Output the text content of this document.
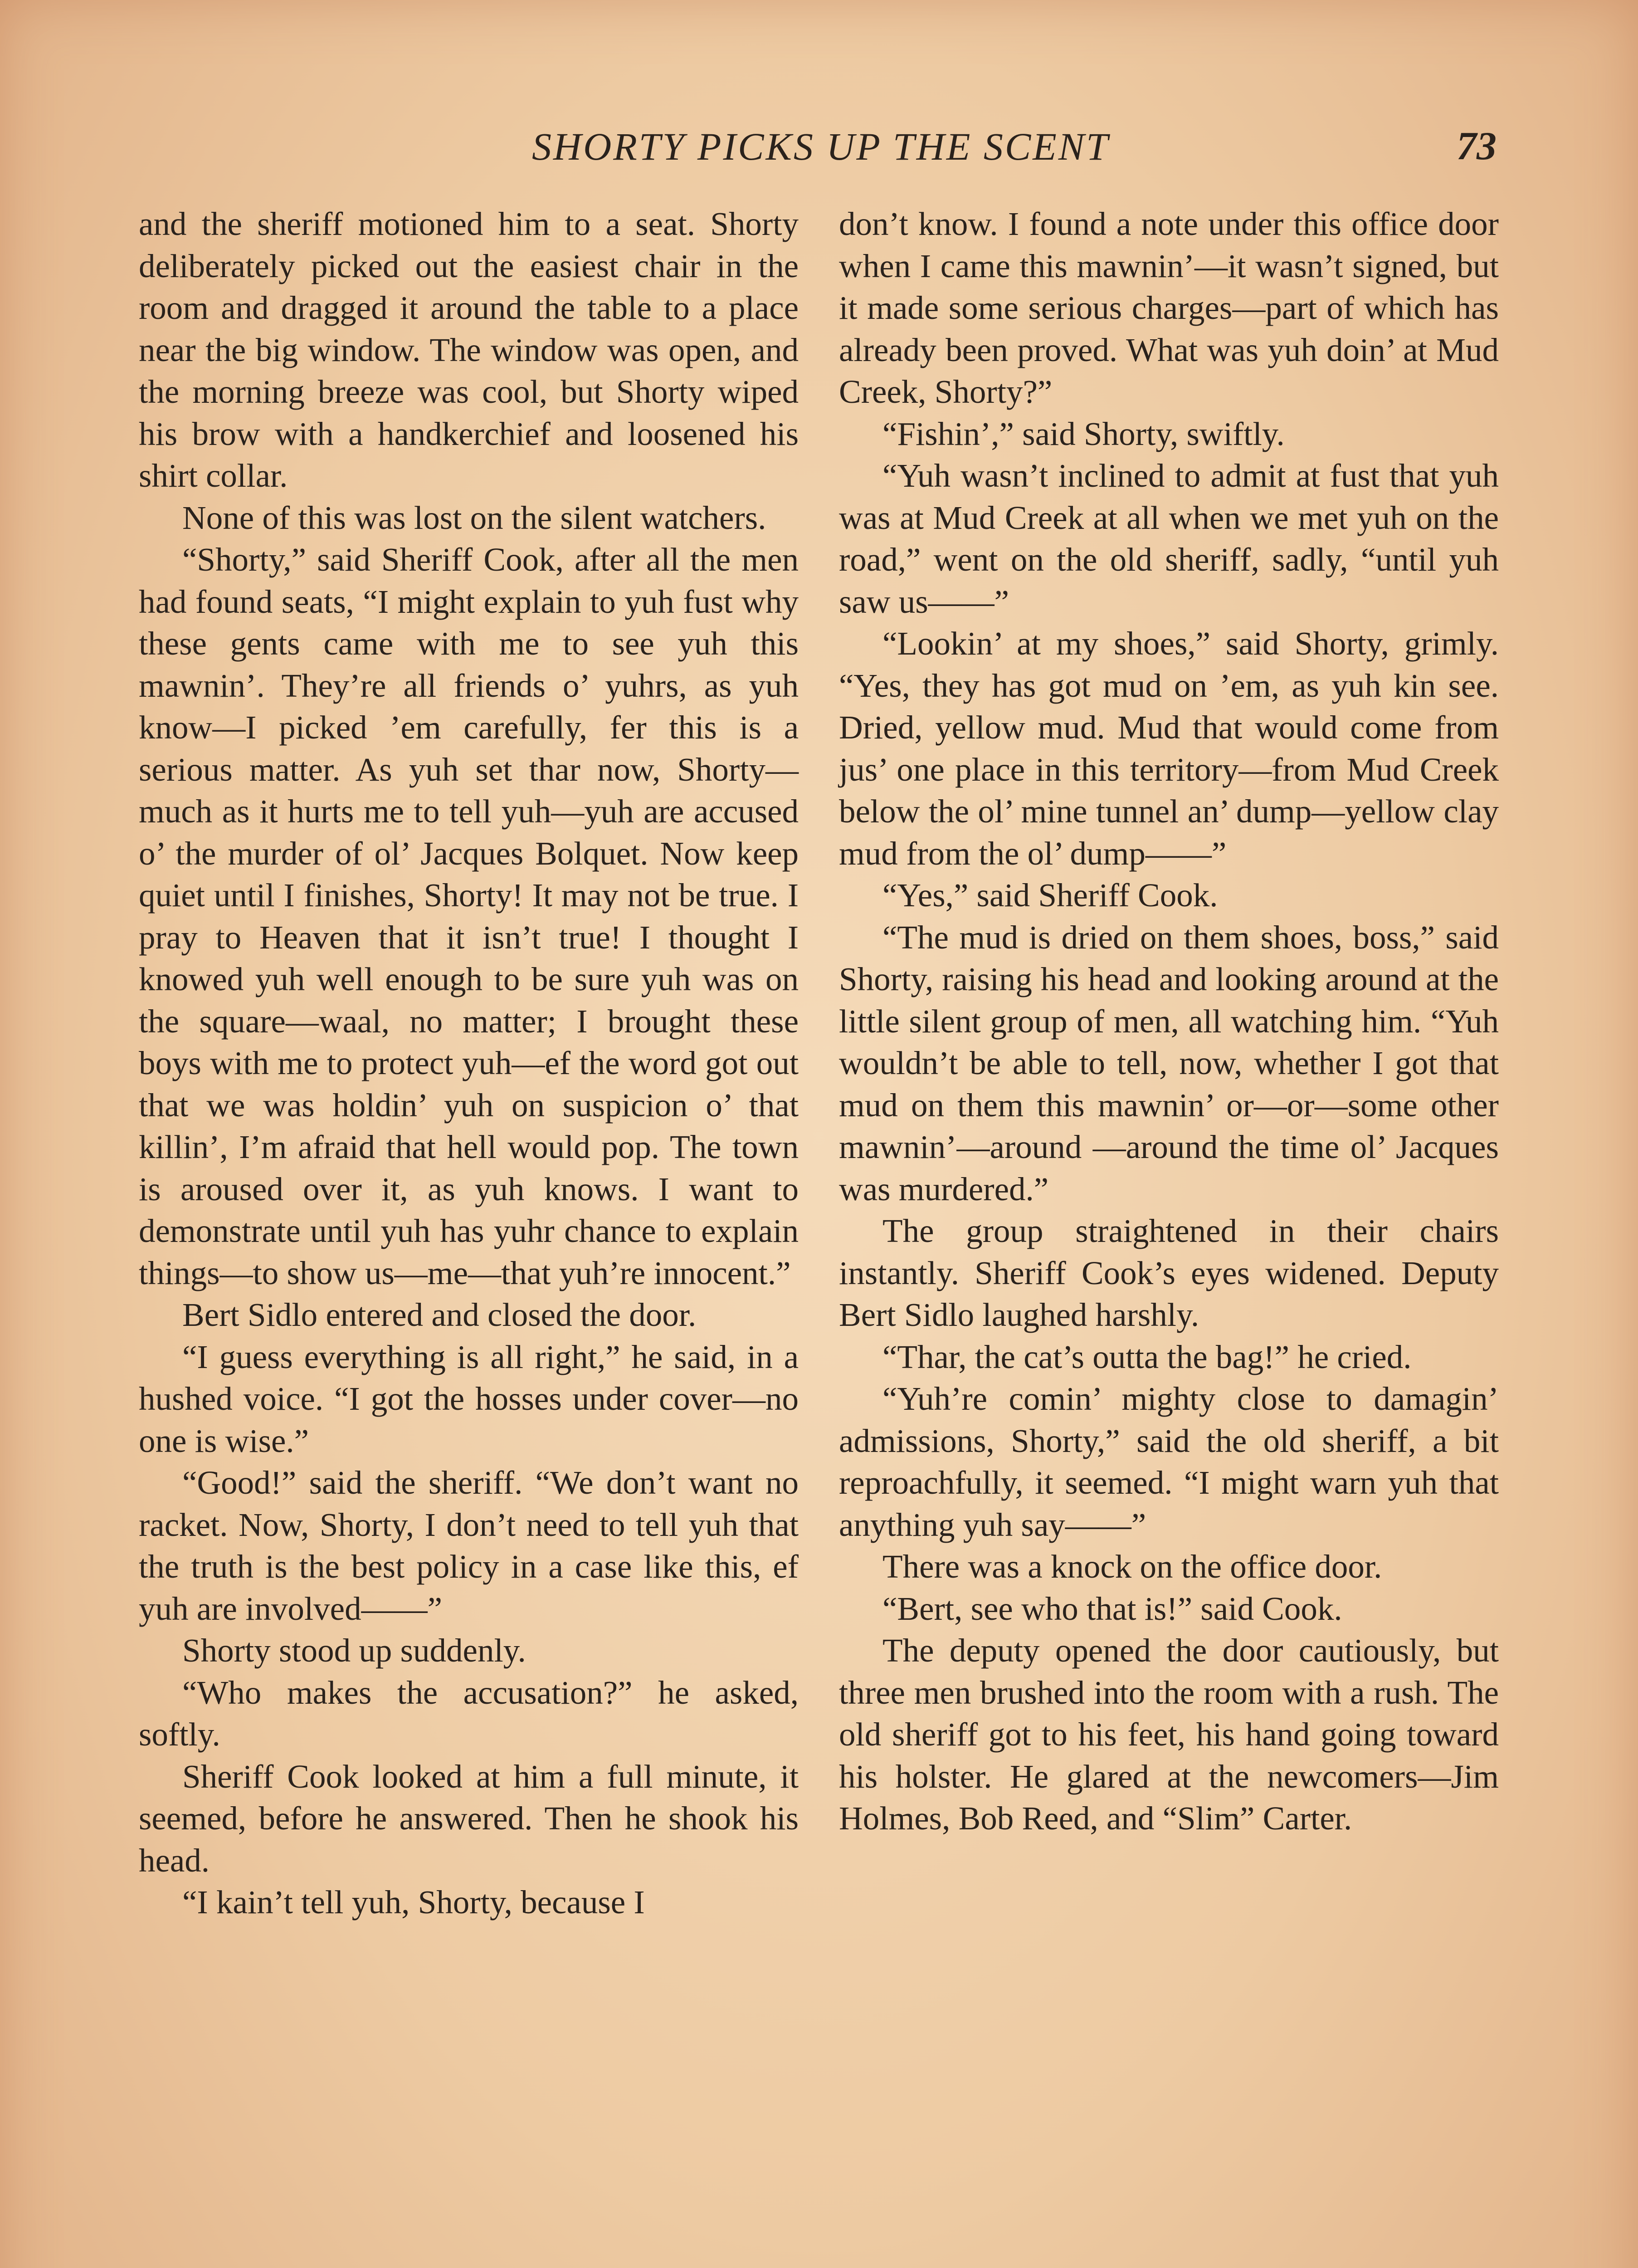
SHORTY PICKS UP THE SCENT	73

and the sheriff motioned him to a seat. Shorty deliberately picked out the easiest chair in the room and dragged it around the table to a place near the big window. The window was open, and the morning breeze was cool, but Shorty wiped his brow with a handkerchief and loosened his shirt collar.

None of this was lost on the silent watchers.

“Shorty,” said Sheriff Cook, after all the men had found seats, “I might explain to yuh fust why these gents came with me to see yuh this mawnin’. They’re all friends o’ yuhrs, as yuh know—I picked ’em carefully, fer this is a serious matter. As yuh set thar now, Shorty—much as it hurts me to tell yuh—yuh are accused o’ the murder of ol’ Jacques Bolquet. Now keep quiet until I finishes, Shorty! It may not be true. I pray to Heaven that it isn’t true! I thought I knowed yuh well enough to be sure yuh was on the square—waal, no matter; I brought these boys with me to protect yuh—ef the word got out that we was holdin’ yuh on suspicion o’ that killin’, I’m afraid that hell would pop. The town is aroused over it, as yuh knows. I want to demonstrate until yuh has yuhr chance to explain things—to show us—me—that yuh’re innocent.”

Bert Sidlo entered and closed the door.

“I guess everything is all right,” he said, in a hushed voice. “I got the hosses under cover—no one is wise.”

“Good!” said the sheriff. “We don’t want no racket. Now, Shorty, I don’t need to tell yuh that the truth is the best policy in a case like this, ef yuh are involved——”

Shorty stood up suddenly.

“Who makes the accusation?” he asked, softly.

Sheriff Cook looked at him a full minute, it seemed, before he answered. Then he shook his head.

“I kain’t tell yuh, Shorty, because I

don’t know. I found a note under this office door when I came this mawnin’—it wasn’t signed, but it made some serious charges—part of which has already been proved. What was yuh doin’ at Mud Creek, Shorty?”

“Fishin’,” said Shorty, swiftly.

“Yuh wasn’t inclined to admit at fust that yuh was at Mud Creek at all when we met yuh on the road,” went on the old sheriff, sadly, “until yuh saw us——”

“Lookin’ at my shoes,” said Shorty, grimly. “Yes, they has got mud on ’em, as yuh kin see. Dried, yellow mud. Mud that would come from jus’ one place in this territory—from Mud Creek below the ol’ mine tunnel an’ dump—yellow clay mud from the ol’ dump——”

“Yes,” said Sheriff Cook.

“The mud is dried on them shoes, boss,” said Shorty, raising his head and looking around at the little silent group of men, all watching him. “Yuh wouldn’t be able to tell, now, whether I got that mud on them this mawnin’ or—or—some other mawnin’—around —around the time ol’ Jacques was murdered.”

The group straightened in their chairs instantly. Sheriff Cook’s eyes widened. Deputy Bert Sidlo laughed harshly.

“Thar, the cat’s outta the bag!” he cried.

“Yuh’re comin’ mighty close to damagin’ admissions, Shorty,” said the old sheriff, a bit reproachfully, it seemed. “I might warn yuh that anything yuh say——”

There was a knock on the office door.

“Bert, see who that is!” said Cook.

The deputy opened the door cautiously, but three men brushed into the room with a rush. The old sheriff got to his feet, his hand going toward his holster. He glared at the newcomers—Jim Holmes, Bob Reed, and “Slim” Carter.
